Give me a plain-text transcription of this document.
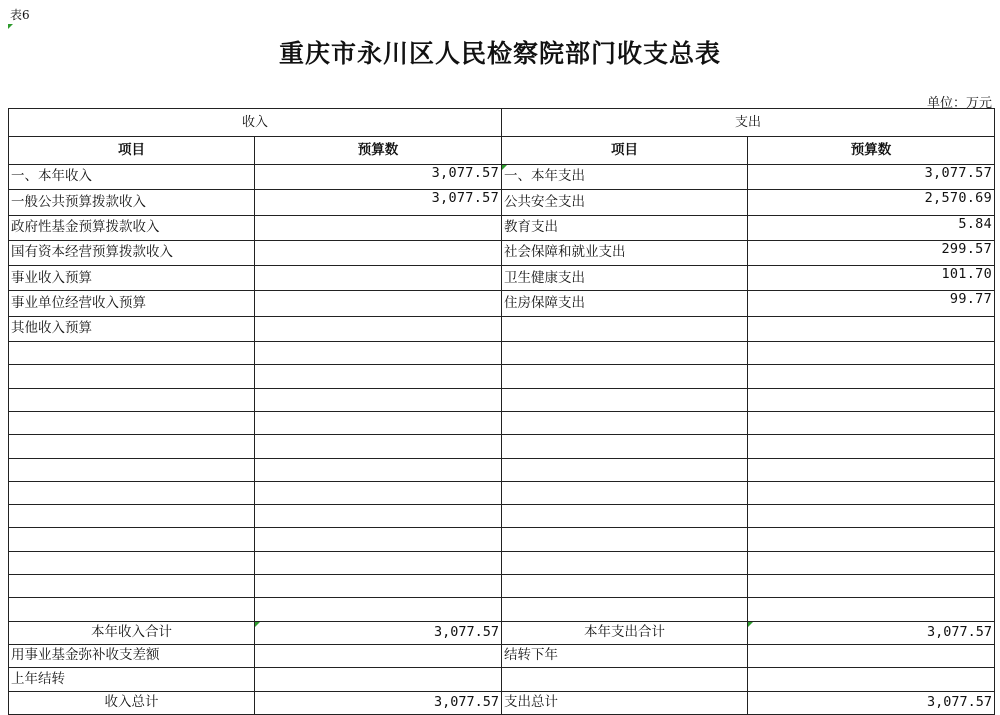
表6
重庆市永川区人民检察院部门收支总表
单位：万元
收入		支出	
项目	预算数	项目	预算数
一、本年收入	3,077.57	一、本年支出	3,077.57
一般公共预算拨款收入	3,077.57	公共安全支出	2,570.69
政府性基金预算拨款收入		教育支出	5.84
国有资本经营预算拨款收入		社会保障和就业支出	299.57
事业收入预算		卫生健康支出	101.70
事业单位经营收入预算		住房保障支出	99.77
其他收入预算			

本年收入合计	3,077.57	本年支出合计	3,077.57
用事业基金弥补收支差额		结转下年	
上年结转			
收入总计	3,077.57	支出总计	3,077.57
